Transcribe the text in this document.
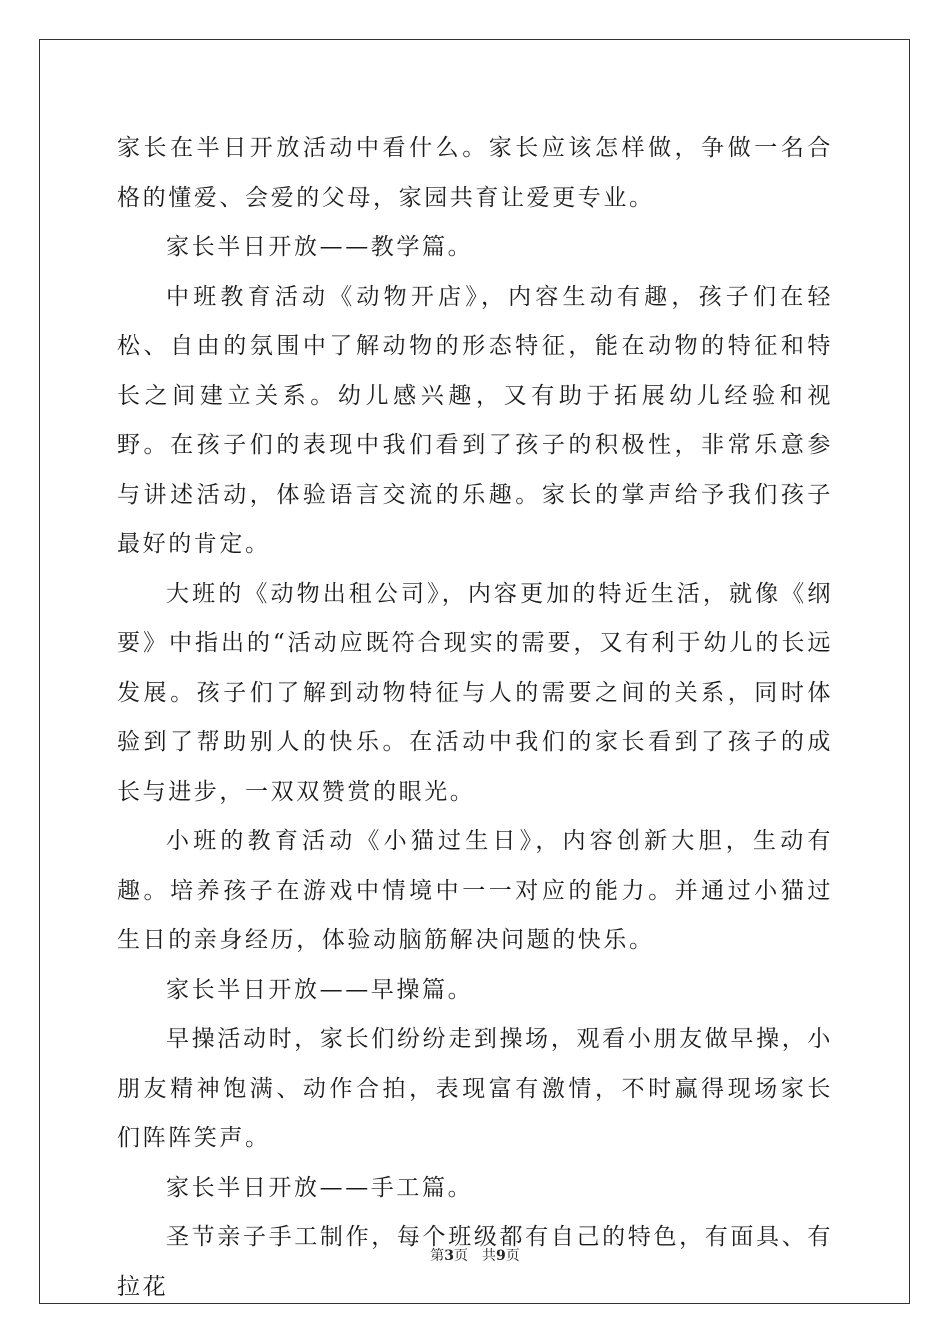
家长在半日开放活动中看什么。家长应该怎样做，争做一名合格的懂爱、会爱的父母，家园共育让爱更专业。

家长半日开放——教学篇。

中班教育活动《动物开店》，内容生动有趣，孩子们在轻松、自由的氛围中了解动物的形态特征，能在动物的特征和特长之间建立关系。幼儿感兴趣，又有助于拓展幼儿经验和视野。在孩子们的表现中我们看到了孩子的积极性，非常乐意参与讲述活动，体验语言交流的乐趣。家长的掌声给予我们孩子最好的肯定。

大班的《动物出租公司》，内容更加的特近生活，就像《纲要》中指出的“活动应既符合现实的需要，又有利于幼儿的长远发展。孩子们了解到动物特征与人的需要之间的关系，同时体验到了帮助别人的快乐。在活动中我们的家长看到了孩子的成长与进步，一双双赞赏的眼光。

小班的教育活动《小猫过生日》，内容创新大胆，生动有趣。培养孩子在游戏中情境中一一对应的能力。并通过小猫过生日的亲身经历，体验动脑筋解决问题的快乐。

家长半日开放——早操篇。

早操活动时，家长们纷纷走到操场，观看小朋友做早操，小朋友精神饱满、动作合拍，表现富有激情，不时赢得现场家长们阵阵笑声。

家长半日开放——手工篇。

圣节亲子手工制作，每个班级都有自己的特色，有面具、有拉花

第3页 共9页
